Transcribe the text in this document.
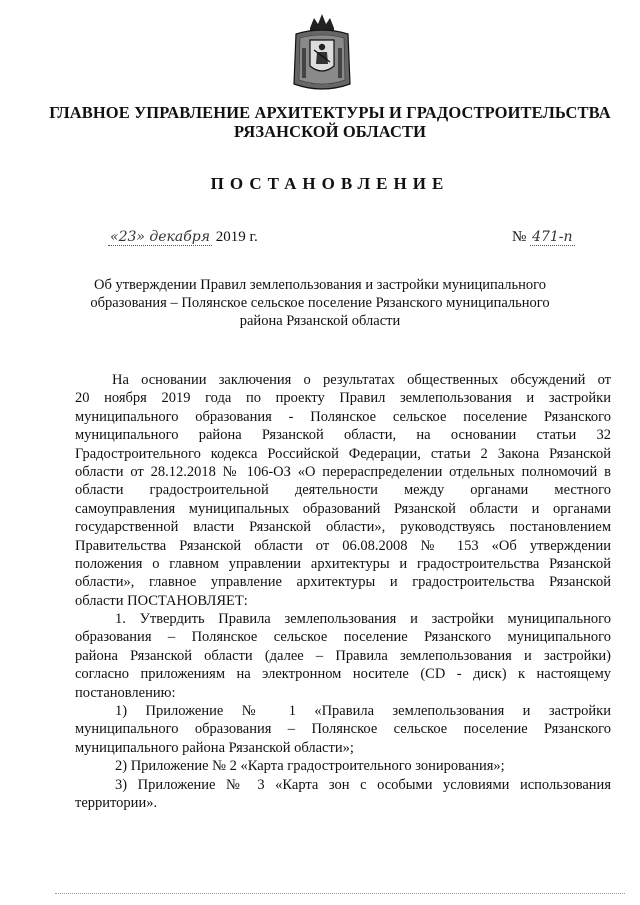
ГЛАВНОЕ УПРАВЛЕНИЕ АРХИТЕКТУРЫ И ГРАДОСТРОИТЕЛЬСТВА
РЯЗАНСКОЙ ОБЛАСТИ
ПОСТАНОВЛЕНИЕ
«23» декабря 2019 г.	№ 471-п
Об утверждении Правил землепользования и застройки муниципального
образования – Полянское сельское поселение Рязанского муниципального
района Рязанской области
На основании заключения о результатах общественных обсуждений от
20 ноября 2019 года по проекту Правил землепользования и застройки
муниципального образования - Полянское сельское поселение Рязанского
муниципального района Рязанской области, на основании статьи 32
Градостроительного кодекса Российской Федерации, статьи 2 Закона Рязанской
области от 28.12.2018 № 106-ОЗ «О перераспределении отдельных полномочий в
области градостроительной деятельности между органами местного
самоуправления муниципальных образований Рязанской области и органами
государственной власти Рязанской области», руководствуясь постановлением
Правительства Рязанской области от 06.08.2008 № 153 «Об утверждении
положения о главном управлении архитектуры и градостроительства Рязанской
области», главное управление архитектуры и градостроительства Рязанской
области ПОСТАНОВЛЯЕТ:
1. Утвердить Правила землепользования и застройки муниципального
образования – Полянское сельское поселение Рязанского муниципального
района Рязанской области (далее – Правила землепользования и застройки)
согласно приложениям на электронном носителе (CD - диск) к настоящему
постановлению:
1) Приложение № 1 «Правила землепользования и застройки
муниципального образования – Полянское сельское поселение Рязанского
муниципального района Рязанской области»;
2) Приложение № 2 «Карта градостроительного зонирования»;
3) Приложение № 3 «Карта зон с особыми условиями использования
территории».
